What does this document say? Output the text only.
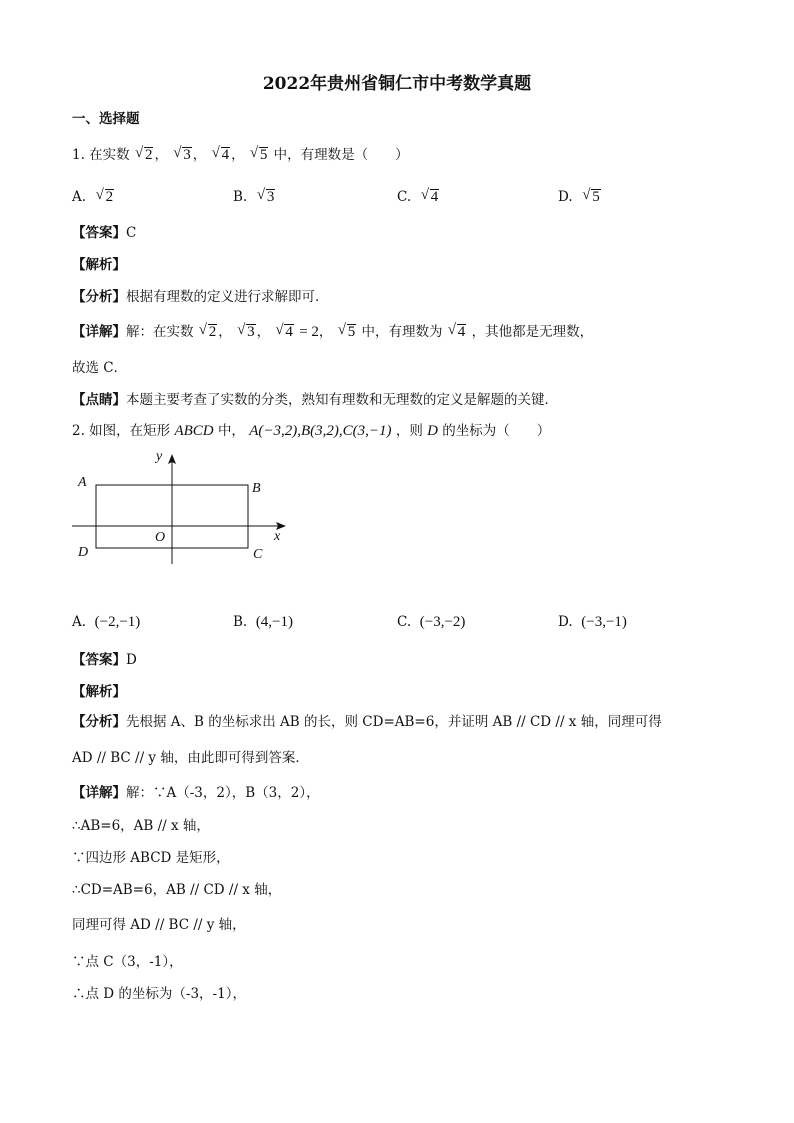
2022年贵州省铜仁市中考数学真题
一、选择题
1. 在实数 √ 2 ， √ 3 ， √ 4 ， √ 5 中，有理数是（　　）
A. √ 2	B. √ 3	C. √ 4	D. √ 5
【答案】C
【解析】
【分析】根据有理数的定义进行求解即可．
【详解】解：在实数 √ 2 ， √ 3 ， √ 4 = 2， √ 5 中，有理数为 √ 4 ，其他都是无理数，
故选 C．
【点睛】本题主要考查了实数的分类，熟知有理数和无理数的定义是解题的关键．
2. 如图，在矩形 ABCD 中， A(−3,2),B(3,2),C(3,−1) ，则 D 的坐标为（　　）
y
A	B
O	x
D	C
A. (−2,−1)	B. (4,−1)	C. (−3,−2)	D. (−3,−1)
【答案】D
【解析】
【分析】先根据 A、B 的坐标求出 AB 的长，则 CD=AB=6，并证明 AB // CD // x 轴，同理可得
AD // BC // y 轴，由此即可得到答案．
【详解】解：∵A（-3，2），B（3，2），
∴AB=6，AB // x 轴，
∵四边形 ABCD 是矩形，
∴CD=AB=6，AB // CD // x 轴，
同理可得 AD // BC // y 轴，
∵点 C（3，-1），
∴点 D 的坐标为（-3，-1），
